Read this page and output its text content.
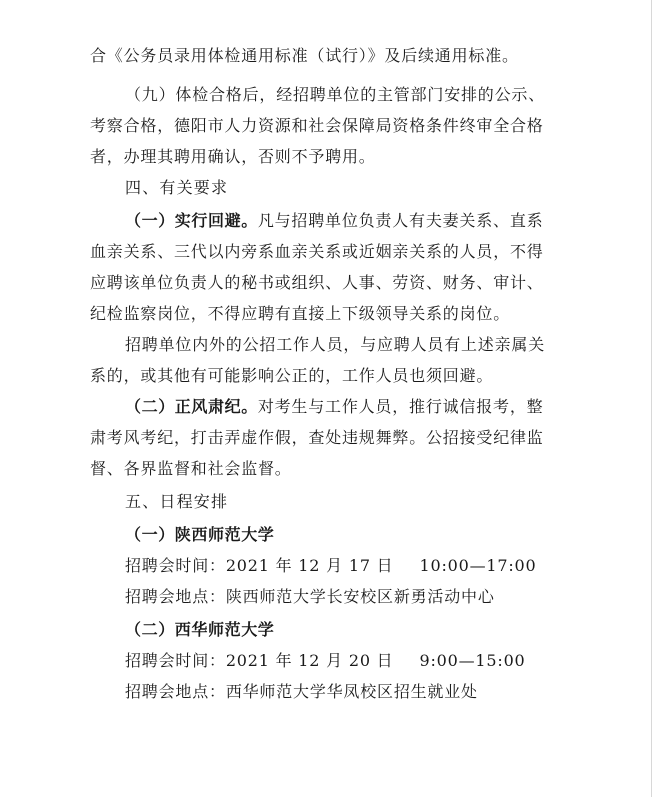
合《公务员录用体检通用标准（试行）》及后续通用标准。
（九）体检合格后，经招聘单位的主管部门安排的公示、
考察合格，德阳市人力资源和社会保障局资格条件终审全合格
者，办理其聘用确认，否则不予聘用。
四、有关要求
（一）实行回避。凡与招聘单位负责人有夫妻关系、直系
血亲关系、三代以内旁系血亲关系或近姻亲关系的人员，不得
应聘该单位负责人的秘书或组织、人事、劳资、财务、审计、
纪检监察岗位，不得应聘有直接上下级领导关系的岗位。
招聘单位内外的公招工作人员，与应聘人员有上述亲属关
系的，或其他有可能影响公正的，工作人员也须回避。
（二）正风肃纪。对考生与工作人员，推行诚信报考，整
肃考风考纪，打击弄虚作假，查处违规舞弊。公招接受纪律监
督、各界监督和社会监督。
五、日程安排
（一）陕西师范大学
招聘会时间：2021 年 12 月 17 日 10:00—17:00
招聘会地点：陕西师范大学长安校区新勇活动中心
（二）西华师范大学
招聘会时间：2021 年 12 月 20 日 9:00—15:00
招聘会地点：西华师范大学华凤校区招生就业处
